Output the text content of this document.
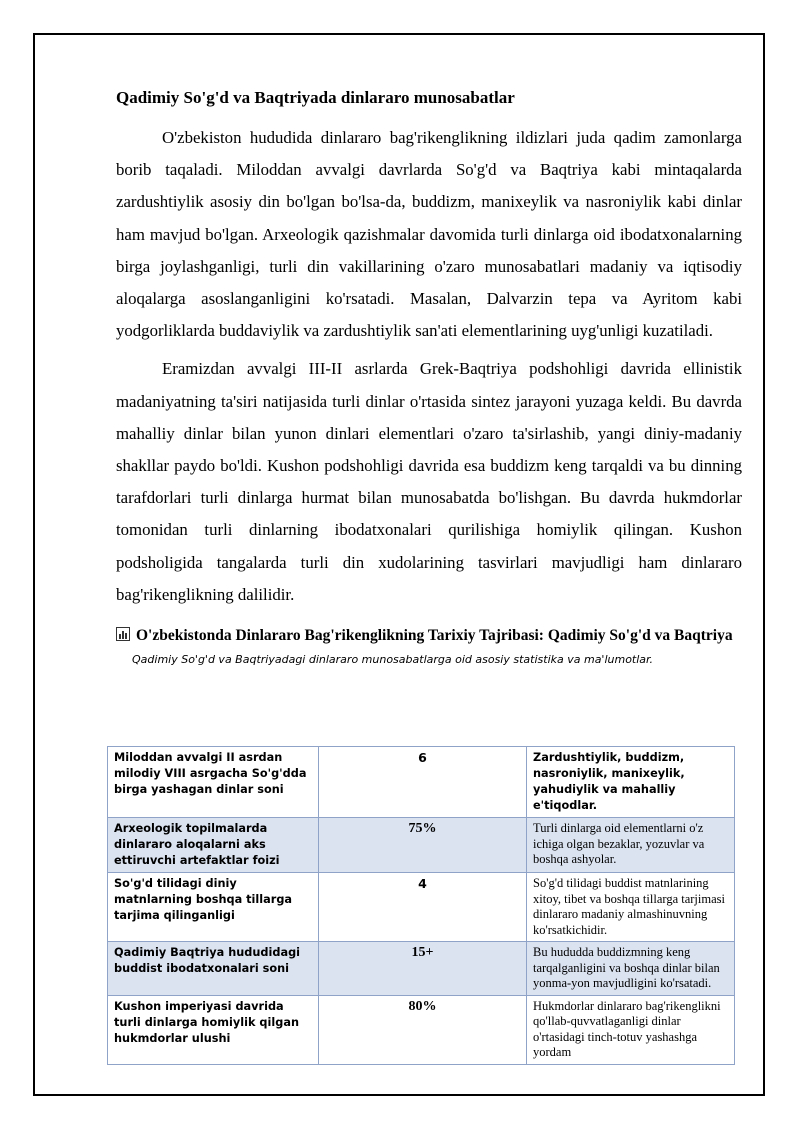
Qadimiy So'g'd va Baqtriyada dinlararo munosabatlar

O'zbekiston hududida dinlararo bag'rikenglikning ildizlari juda qadim zamonlarga borib taqaladi. Miloddan avvalgi davrlarda So'g'd va Baqtriya kabi mintaqalarda zardushtiylik asosiy din bo'lgan bo'lsa-da, buddizm, manixeylik va nasroniylik kabi dinlar ham mavjud bo'lgan. Arxeologik qazishmalar davomida turli dinlarga oid ibodatxonalarning birga joylashganligi, turli din vakillarining o'zaro munosabatlari madaniy va iqtisodiy aloqalarga asoslanganligini ko'rsatadi. Masalan, Dalvarzin tepa va Ayritom kabi yodgorliklarda buddaviylik va zardushtiylik san'ati elementlarining uyg'unligi kuzatiladi.

Eramizdan avvalgi III-II asrlarda Grek-Baqtriya podshohligi davrida ellinistik madaniyatning ta'siri natijasida turli dinlar o'rtasida sintez jarayoni yuzaga keldi. Bu davrda mahalliy dinlar bilan yunon dinlari elementlari o'zaro ta'sirlashib, yangi diniy-madaniy shakllar paydo bo'ldi. Kushon podshohligi davrida esa buddizm keng tarqaldi va bu dinning tarafdorlari turli dinlarga hurmat bilan munosabatda bo'lishgan. Bu davrda hukmdorlar tomonidan turli dinlarning ibodatxonalari qurilishiga homiylik qilingan. Kushon podsholigida tangalarda turli din xudolarining tasvirlari mavjudligi ham dinlararo bag'rikenglikning dalilidir.

O'zbekistonda Dinlararo Bag'rikenglikning Tarixiy Tajribasi: Qadimiy So'g'd va Baqtriya
Qadimiy So'g'd va Baqtriyadagi dinlararo munosabatlarga oid asosiy statistika va ma'lumotlar.
Miloddan avvalgi II asrdan milodiy VIII asrgacha So'g'dda birga yashagan dinlar soni	6	Zardushtiylik, buddizm, nasroniylik, manixeylik, yahudiylik va mahalliy e'tiqodlar.
Arxeologik topilmalarda dinlararo aloqalarni aks ettiruvchi artefaktlar foizi	75%	Turli dinlarga oid elementlarni o'z ichiga olgan bezaklar, yozuvlar va boshqa ashyolar.
So'g'd tilidagi diniy matnlarning boshqa tillarga tarjima qilinganligi	4	So'g'd tilidagi buddist matnlarining xitoy, tibet va boshqa tillarga tarjimasi dinlararo madaniy almashinuvning ko'rsatkichidir.
Qadimiy Baqtriya hududidagi buddist ibodatxonalari soni	15+	Bu hududda buddizmning keng tarqalganligini va boshqa dinlar bilan yonma-yon mavjudligini ko'rsatadi.
Kushon imperiyasi davrida turli dinlarga homiylik qilgan hukmdorlar ulushi	80%	Hukmdorlar dinlararo bag'rikenglikni qo'llab-quvvatlaganligi dinlar o'rtasidagi tinch-totuv yashashga yordam
